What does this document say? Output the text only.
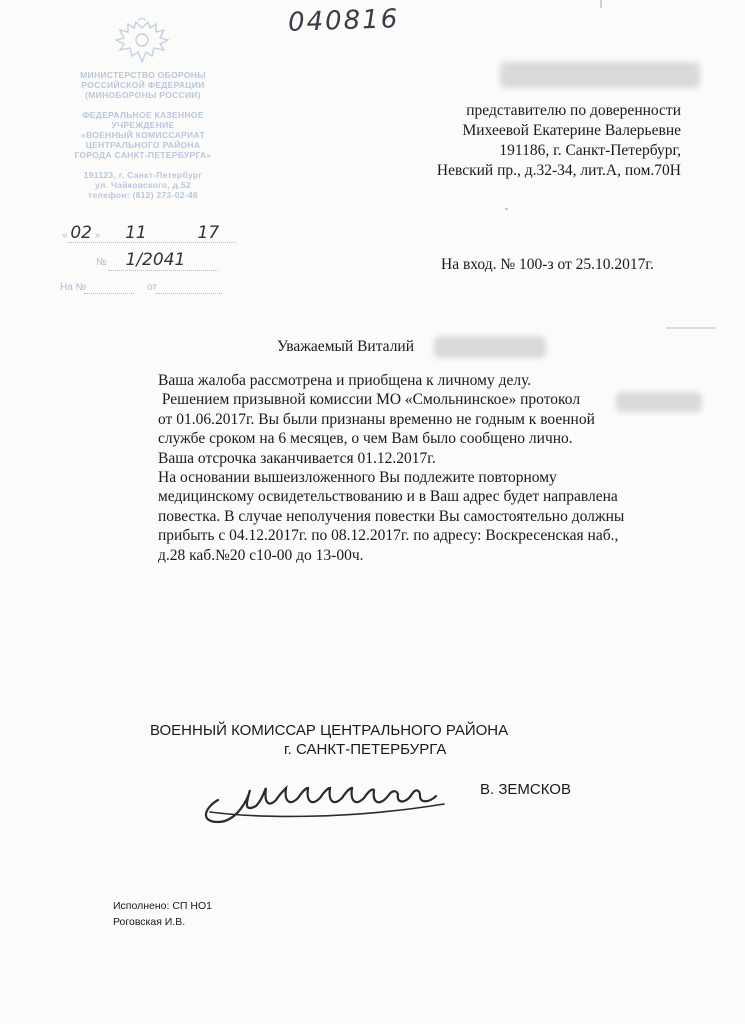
040816
МИНИСТЕРСТВО ОБОРОНЫ
РОССИЙСКОЙ ФЕДЕРАЦИИ
(МИНОБОРОНЫ РОССИИ)
ФЕДЕРАЛЬНОЕ КАЗЕННОЕ
УЧРЕЖДЕНИЕ
«ВОЕННЫЙ КОМИССАРИАТ
ЦЕНТРАЛЬНОГО РАЙОНА
ГОРОДА САНКТ-ПЕТЕРБУРГА»
191123, г. Санкт-Петербург
ул. Чайковского, д.52
телефон: (812) 273-02-46
« 02 » 11	17
№ 1/2041
На №	от
представителю по доверенности
Михеевой Екатерине Валерьевне
191186, г. Санкт-Петербург,
Невский пр., д.32-34, лит.А, пом.70Н
На вход. № 100-з от 25.10.2017г.
Уважаемый Виталий
Ваша жалоба рассмотрена и приобщена к личному делу.
Решением призывной комиссии МО «Смольнинское» протокол
от 01.06.2017г. Вы были признаны временно не годным к военной
службе сроком на 6 месяцев, о чем Вам было сообщено лично.
Ваша отсрочка заканчивается 01.12.2017г.
На основании вышеизложенного Вы подлежите повторному
медицинскому освидетельствованию и в Ваш адрес будет направлена
повестка. В случае неполучения повестки Вы самостоятельно должны
прибыть с 04.12.2017г. по 08.12.2017г. по адресу: Воскресенская наб.,
д.28 каб.№20 с10-00 до 13-00ч.
ВОЕННЫЙ КОМИССАР ЦЕНТРАЛЬНОГО РАЙОНА
г. САНКТ-ПЕТЕРБУРГА
В. ЗЕМСКОВ
Исполнено: СП НО1
Роговская И.В.
